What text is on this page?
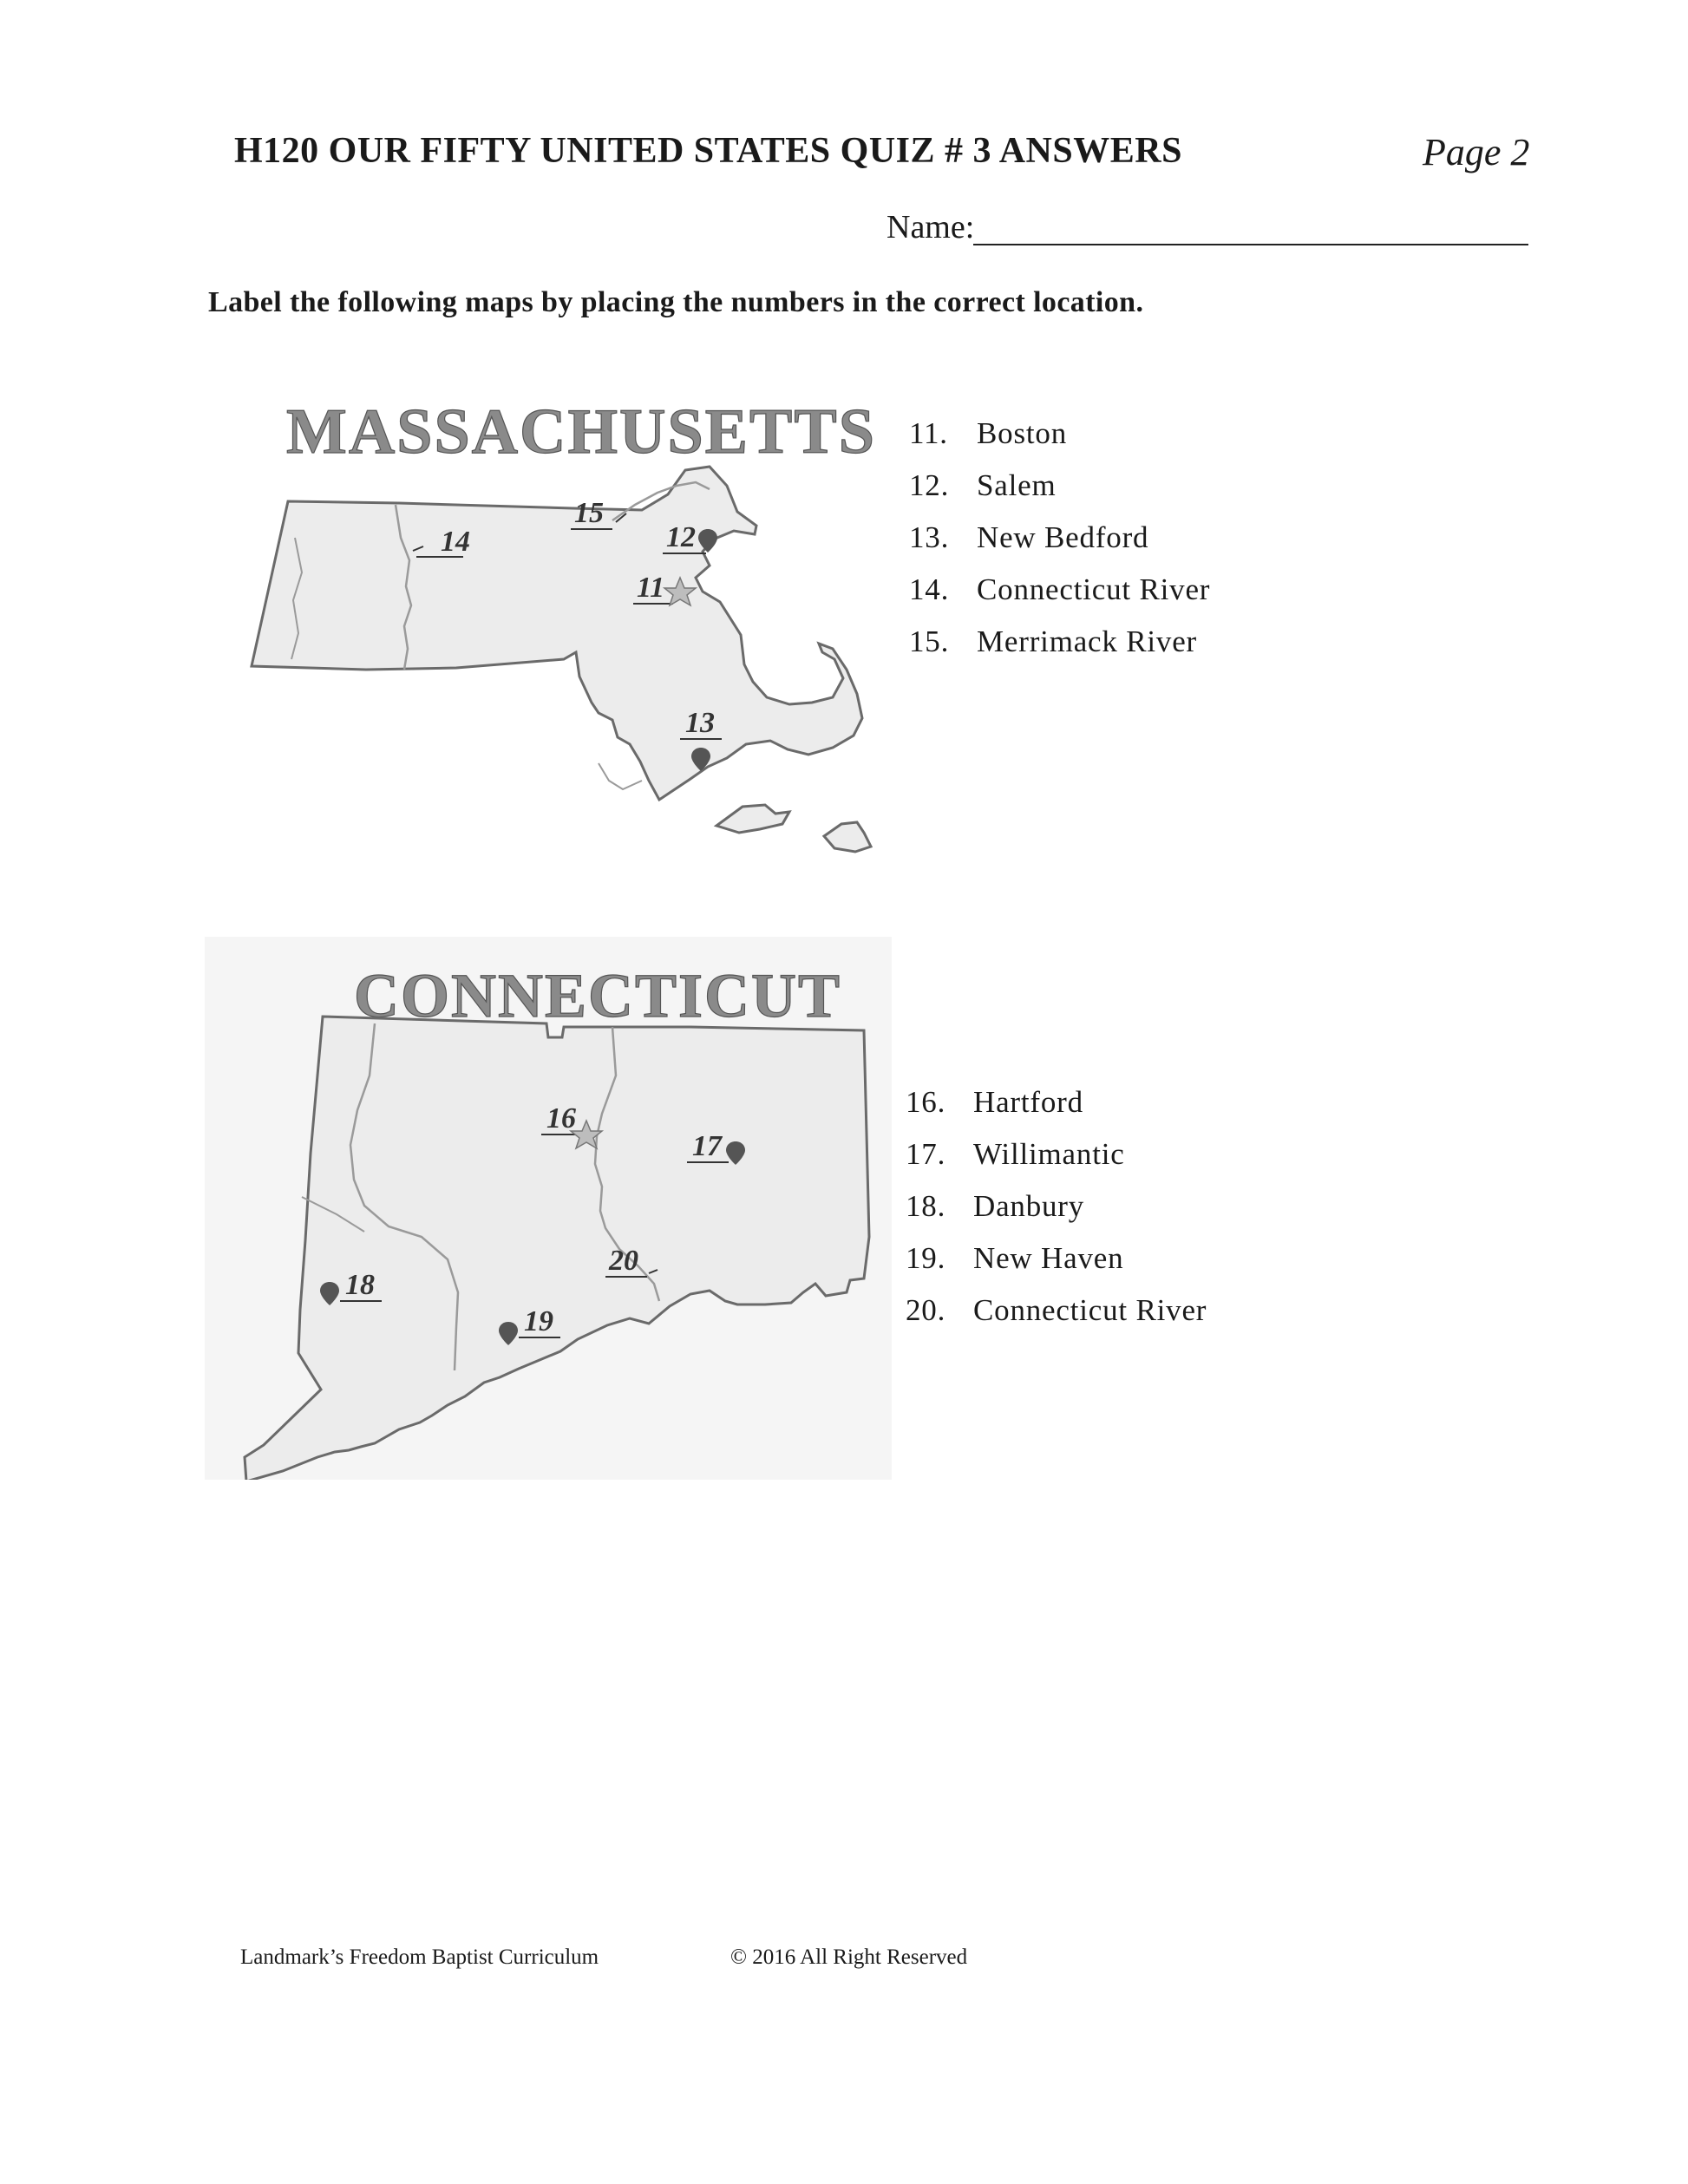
H120 OUR FIFTY UNITED STATES QUIZ # 3 ANSWERS	Page 2
Name:
Label the following maps by placing the numbers in the correct location.
MASSACHUSETTS
14
15
12
11
13
11. Boston
12. Salem
13. New Bedford
14. Connecticut River
15. Merrimack River
CONNECTICUT
16
17
18
19
20
16. Hartford
17. Willimantic
18. Danbury
19. New Haven
20. Connecticut River
Landmark’s Freedom Baptist Curriculum	© 2016 All Right Reserved
